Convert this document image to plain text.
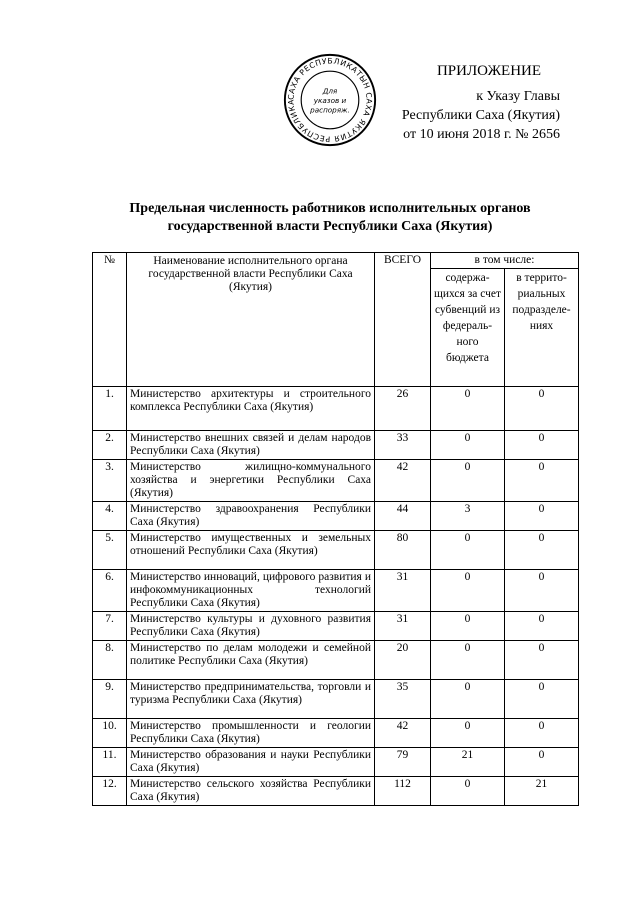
САХА РЕСПУБЛИКАТЫН САХА ЯКУТИЯ РЕСПУБЛИКА
Для
указов и
распоряж.
ПРИЛОЖЕНИЕ
к Указу Главы
Республики Саха (Якутия)
от 10 июня 2018 г. № 2656
Предельная численность работников исполнительных органов
государственной власти Республики Саха (Якутия)
№	Наименование исполнительного органа государственной власти Республики Саха (Якутия)	ВСЕГО	в том числе:	
			содержа-щихся за счет субвенций из федераль-ного бюджета	в террито-риальных подразделе-ниях
1.	Министерство архитектуры и строительного комплекса Республики Саха (Якутия)	26	0	0
2.	Министерство внешних связей и делам народов Республики Саха (Якутия)	33	0	0
3.	Министерство жилищно-коммунального хозяйства и энергетики Республики Саха (Якутия)	42	0	0
4.	Министерство здравоохранения Республики Саха (Якутия)	44	3	0
5.	Министерство имущественных и земельных отношений Республики Саха (Якутия)	80	0	0
6.	Министерство инноваций, цифрового развития и инфокоммуникационных технологий Республики Саха (Якутия)	31	0	0
7.	Министерство культуры и духовного развития Республики Саха (Якутия)	31	0	0
8.	Министерство по делам молодежи и семейной политике Республики Саха (Якутия)	20	0	0
9.	Министерство предпринимательства, торговли и туризма Республики Саха (Якутия)	35	0	0
10.	Министерство промышленности и геологии Республики Саха (Якутия)	42	0	0
11.	Министерство образования и науки Республики Саха (Якутия)	79	21	0
12.	Министерство сельского хозяйства Республики Саха (Якутия)	112	0	21
